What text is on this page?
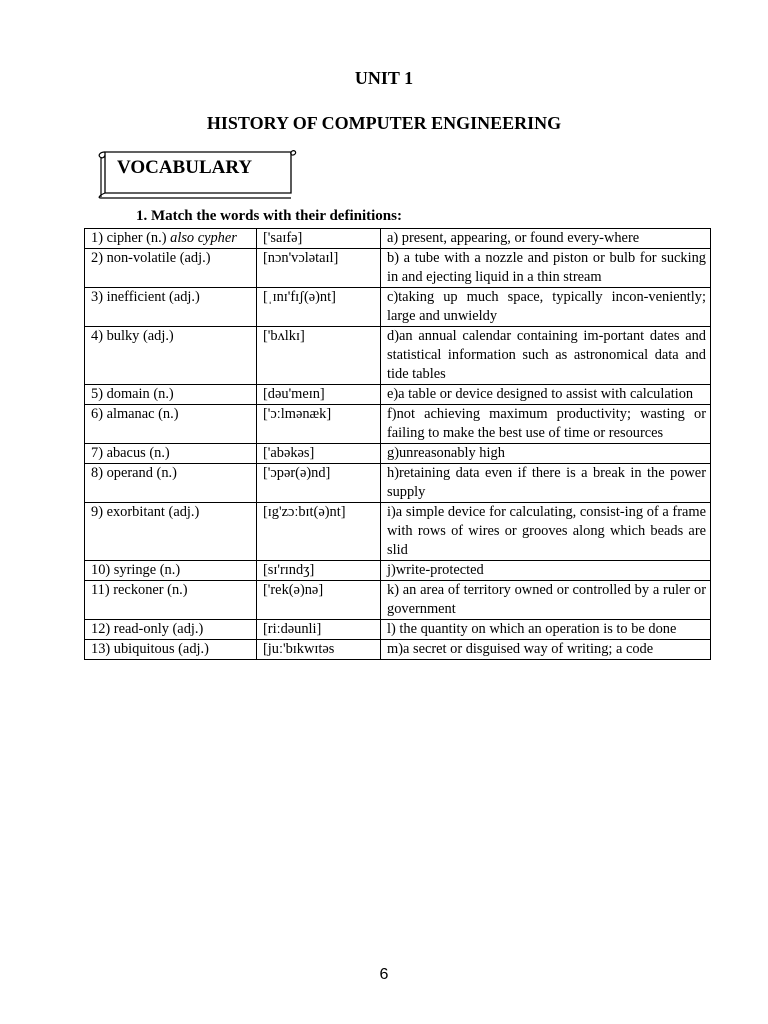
UNIT 1
HISTORY OF COMPUTER ENGINEERING
VOCABULARY

1. Match the words with their definitions:

1) cipher (n.) also cypher	['saɪfə]	a) present, appearing, or found every-where
2) non-volatile (adj.)	[nɔn'vɔlətaɪl]	b) a tube with a nozzle and piston or bulb for sucking in and ejecting liquid in a thin stream
3) inefficient (adj.)	[ˌɪnɪ'fɪʃ(ə)nt]	c)taking up much space, typically incon-veniently; large and unwieldy
4) bulky (adj.)	['bʌlkɪ]	d)an annual calendar containing im-portant dates and statistical information such as astronomical data and tide tables
5) domain (n.)	[dəu'meɪn]	e)a table or device designed to assist with calculation
6) almanac (n.)	['ɔːlmənæk]	f)not achieving maximum productivity; wasting or failing to make the best use of time or resources
7) abacus (n.)	['abəkəs]	g)unreasonably high
8) operand (n.)	['ɔpər(ə)nd]	h)retaining data even if there is a break in the power supply
9) exorbitant (adj.)	[ɪg'zɔːbɪt(ə)nt]	i)a simple device for calculating, consist-ing of a frame with rows of wires or grooves along which beads are slid
10) syringe (n.)	[sɪ'rɪndʒ]	j)write-protected
11) reckoner (n.)	['rek(ə)nə]	k) an area of territory owned or controlled by a ruler or government
12) read-only (adj.)	[riːdəunli]	l) the quantity on which an operation is to be done
13) ubiquitous (adj.)	[juː'bɪkwɪtəs	m)a secret or disguised way of writing; a code
6
